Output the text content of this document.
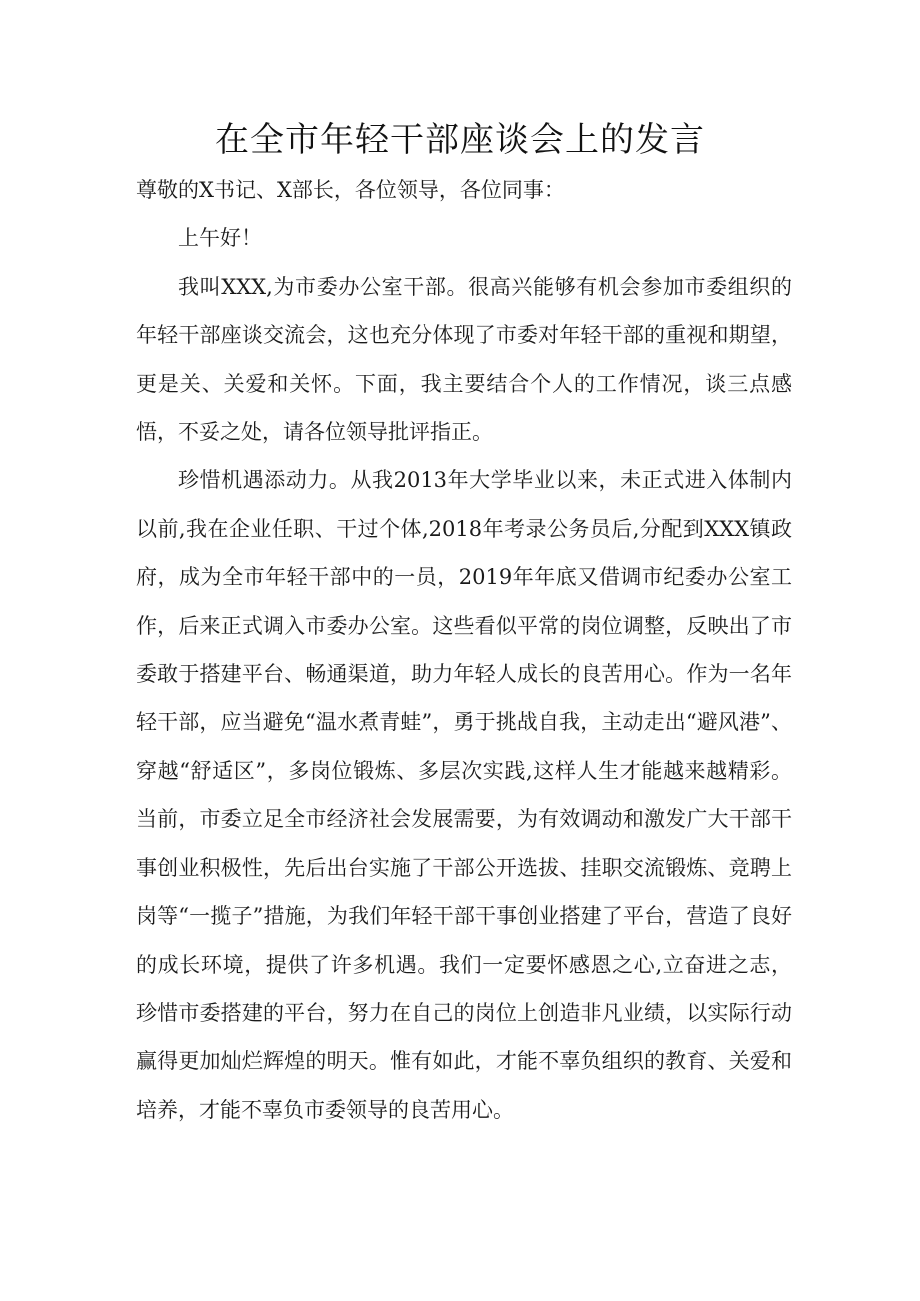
在全市年轻干部座谈会上的发言

尊敬的X书记、X部长，各位领导，各位同事：

上午好！

我叫XXX,为市委办公室干部。很高兴能够有机会参加市委组织的年轻干部座谈交流会，这也充分体现了市委对年轻干部的重视和期望，更是关、关爱和关怀。下面，我主要结合个人的工作情况，谈三点感悟，不妥之处，请各位领导批评指正。

珍惜机遇添动力。从我2013年大学毕业以来，未正式进入体制内以前,我在企业任职、干过个体,2018年考录公务员后,分配到XXX镇政府，成为全市年轻干部中的一员，2019年年底又借调市纪委办公室工作，后来正式调入市委办公室。这些看似平常的岗位调整，反映出了市委敢于搭建平台、畅通渠道，助力年轻人成长的良苦用心。作为一名年轻干部，应当避免“温水煮青蛙”，勇于挑战自我，主动走出“避风港”、穿越“舒适区”，多岗位锻炼、多层次实践,这样人生才能越来越精彩。当前，市委立足全市经济社会发展需要，为有效调动和激发广大干部干事创业积极性，先后出台实施了干部公开选拔、挂职交流锻炼、竞聘上岗等“一揽子”措施，为我们年轻干部干事创业搭建了平台，营造了良好的成长环境，提供了许多机遇。我们一定要怀感恩之心,立奋进之志，珍惜市委搭建的平台，努力在自己的岗位上创造非凡业绩，以实际行动赢得更加灿烂辉煌的明天。惟有如此，才能不辜负组织的教育、关爱和培养，才能不辜负市委领导的良苦用心。
